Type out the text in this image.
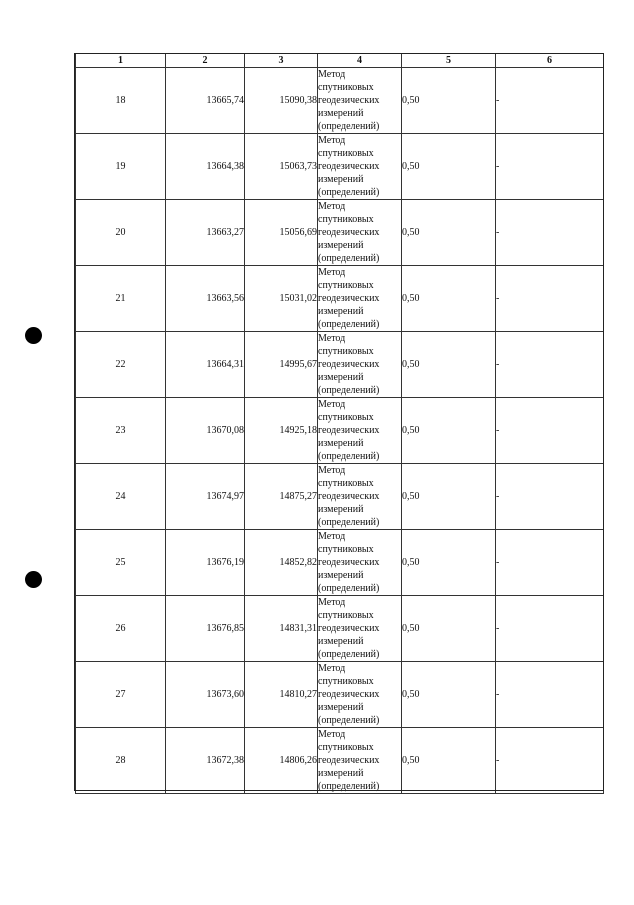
1	2	3	4	5	6
18	13665,74	15090,38	Метод
спутниковых
геодезических
измерений
(определений)	0,50	-
19	13664,38	15063,73	Метод
спутниковых
геодезических
измерений
(определений)	0,50	-
20	13663,27	15056,69	Метод
спутниковых
геодезических
измерений
(определений)	0,50	-
21	13663,56	15031,02	Метод
спутниковых
геодезических
измерений
(определений)	0,50	-
22	13664,31	14995,67	Метод
спутниковых
геодезических
измерений
(определений)	0,50	-
23	13670,08	14925,18	Метод
спутниковых
геодезических
измерений
(определений)	0,50	-
24	13674,97	14875,27	Метод
спутниковых
геодезических
измерений
(определений)	0,50	-
25	13676,19	14852,82	Метод
спутниковых
геодезических
измерений
(определений)	0,50	-
26	13676,85	14831,31	Метод
спутниковых
геодезических
измерений
(определений)	0,50	-
27	13673,60	14810,27	Метод
спутниковых
геодезических
измерений
(определений)	0,50	-
28	13672,38	14806,26	Метод
спутниковых
геодезических
измерений
(определений)	0,50	-
